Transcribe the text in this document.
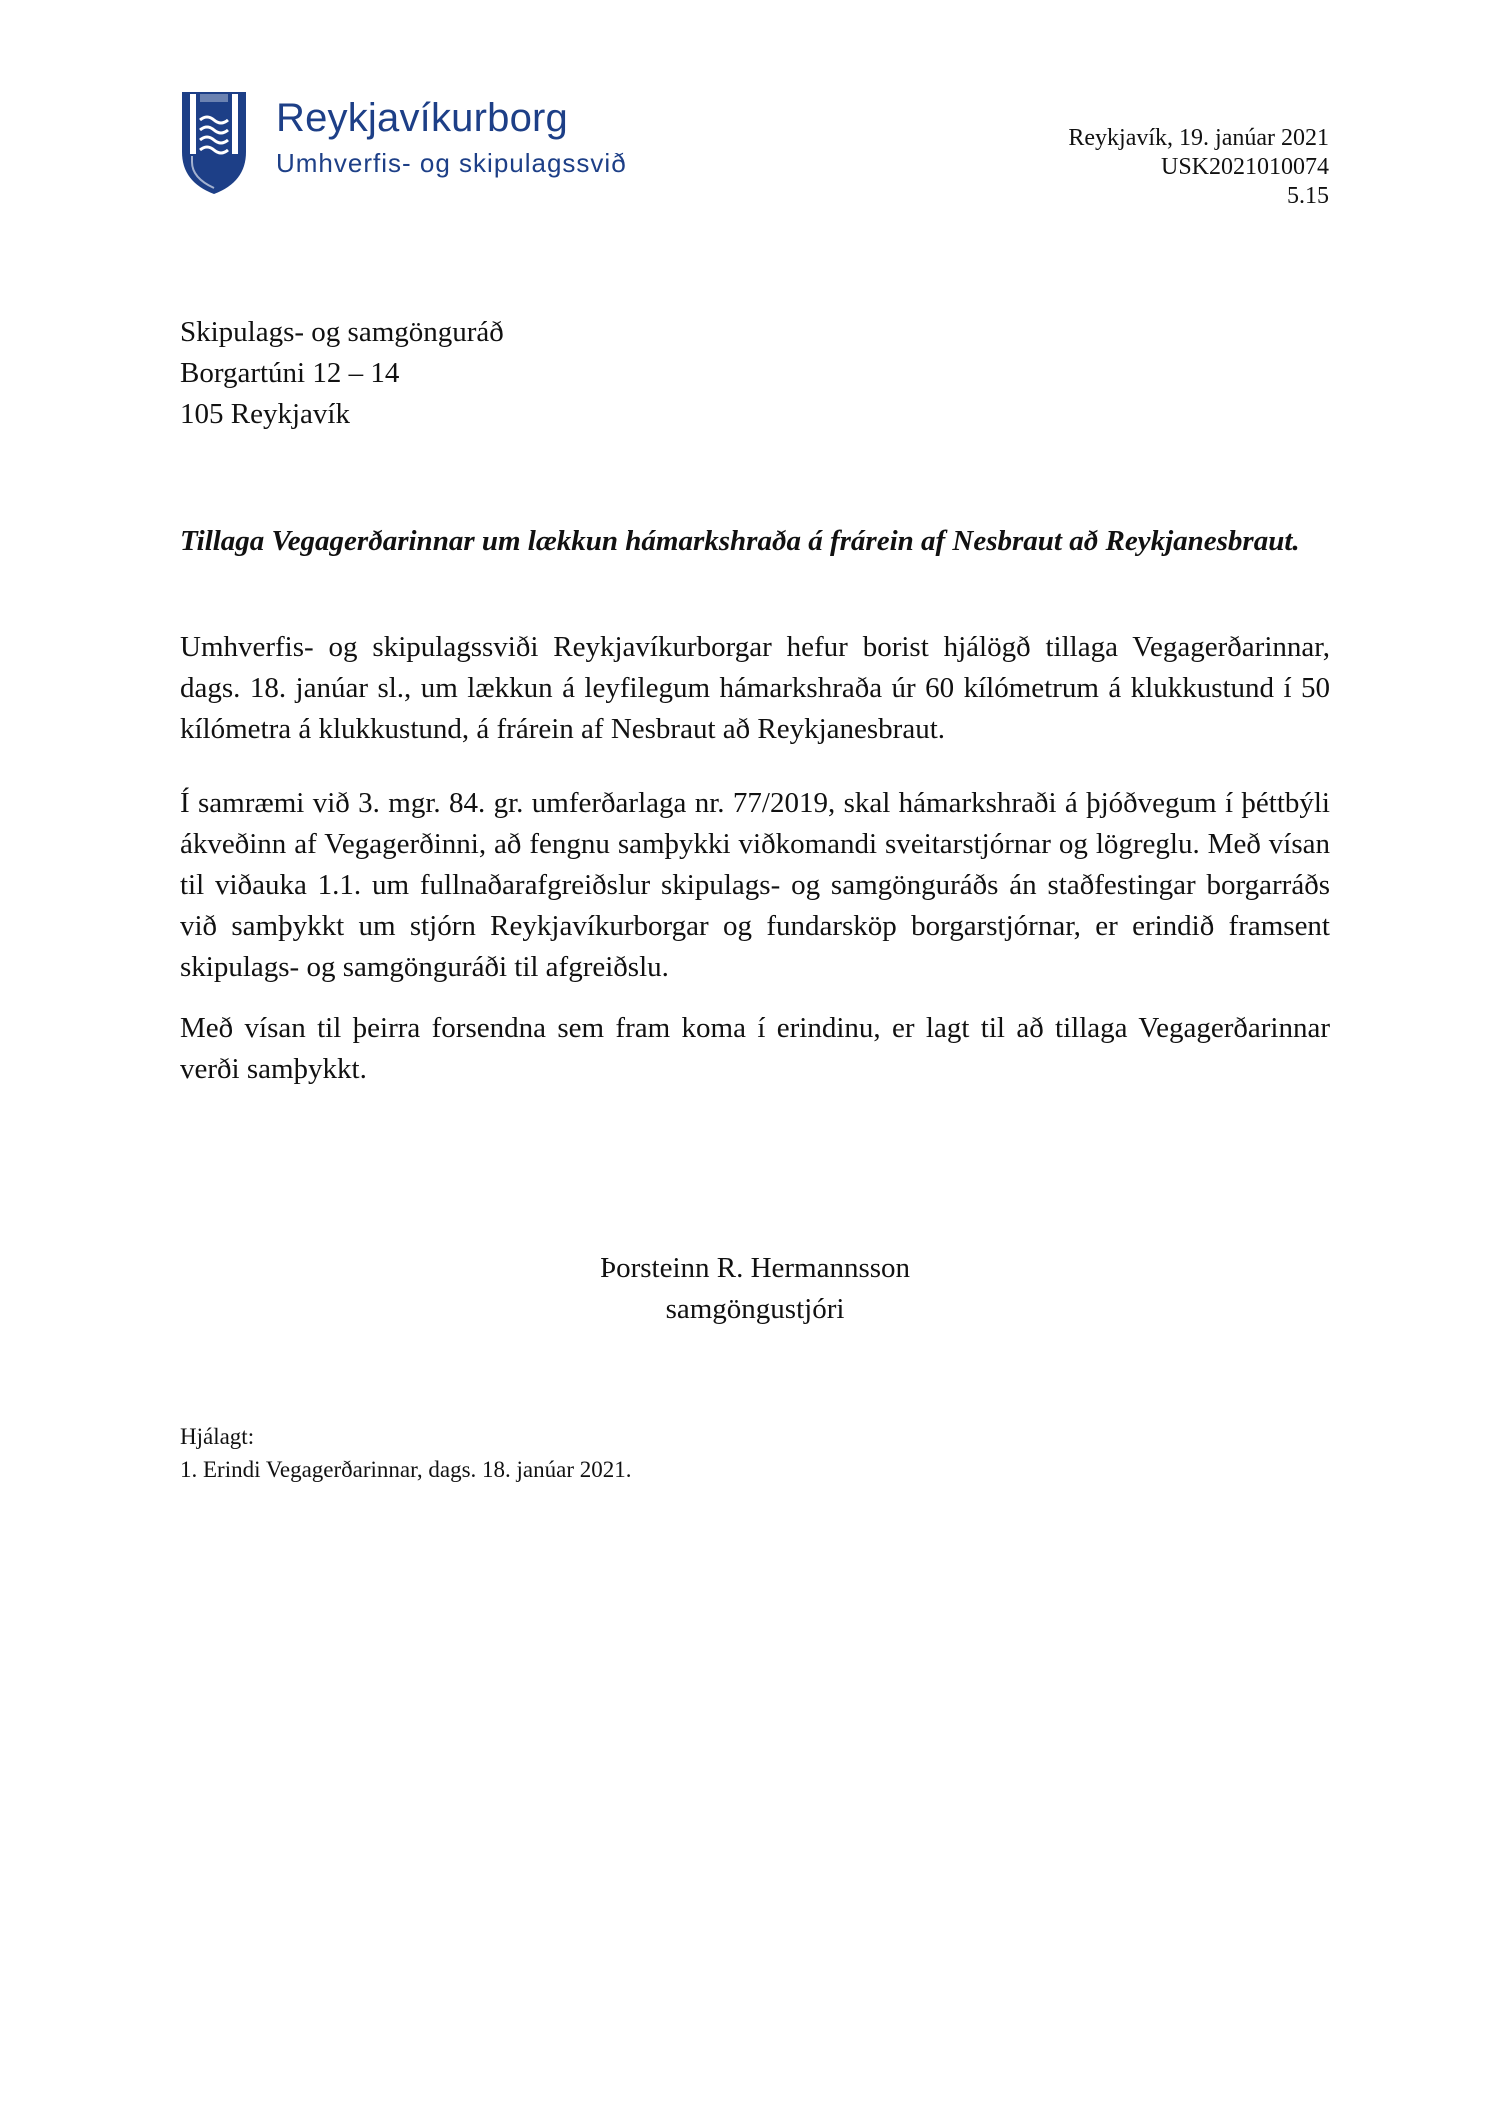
Reykjavíkurborg
Umhverfis- og skipulagssvið
Reykjavík, 19. janúar 2021
USK2021010074
5.15
Skipulags- og samgönguráð
Borgartúni 12 – 14
105 Reykjavík

Tillaga Vegagerðarinnar um lækkun hámarkshraða á frárein af Nesbraut að Reykjanesbraut.

Umhverfis- og skipulagssviði Reykjavíkurborgar hefur borist hjálögð tillaga Vegagerðarinnar, dags. 18. janúar sl., um lækkun á leyfilegum hámarkshraða úr 60 kílómetrum á klukkustund í 50 kílómetra á klukkustund, á frárein af Nesbraut að Reykjanesbraut.

Í samræmi við 3. mgr. 84. gr. umferðarlaga nr. 77/2019, skal hámarkshraði á þjóðvegum í þéttbýli ákveðinn af Vegagerðinni, að fengnu samþykki viðkomandi sveitarstjórnar og lögreglu. Með vísan til viðauka 1.1. um fullnaðarafgreiðslur skipulags- og samgönguráðs án staðfestingar borgarráðs við samþykkt um stjórn Reykjavíkurborgar og fundarsköp borgarstjórnar, er erindið framsent skipulags- og samgönguráði til afgreiðslu.

Með vísan til þeirra forsendna sem fram koma í erindinu, er lagt til að tillaga Vegagerðarinnar verði samþykkt.

Þorsteinn R. Hermannsson
samgöngustjóri
Hjálagt:
1. Erindi Vegagerðarinnar, dags. 18. janúar 2021.
